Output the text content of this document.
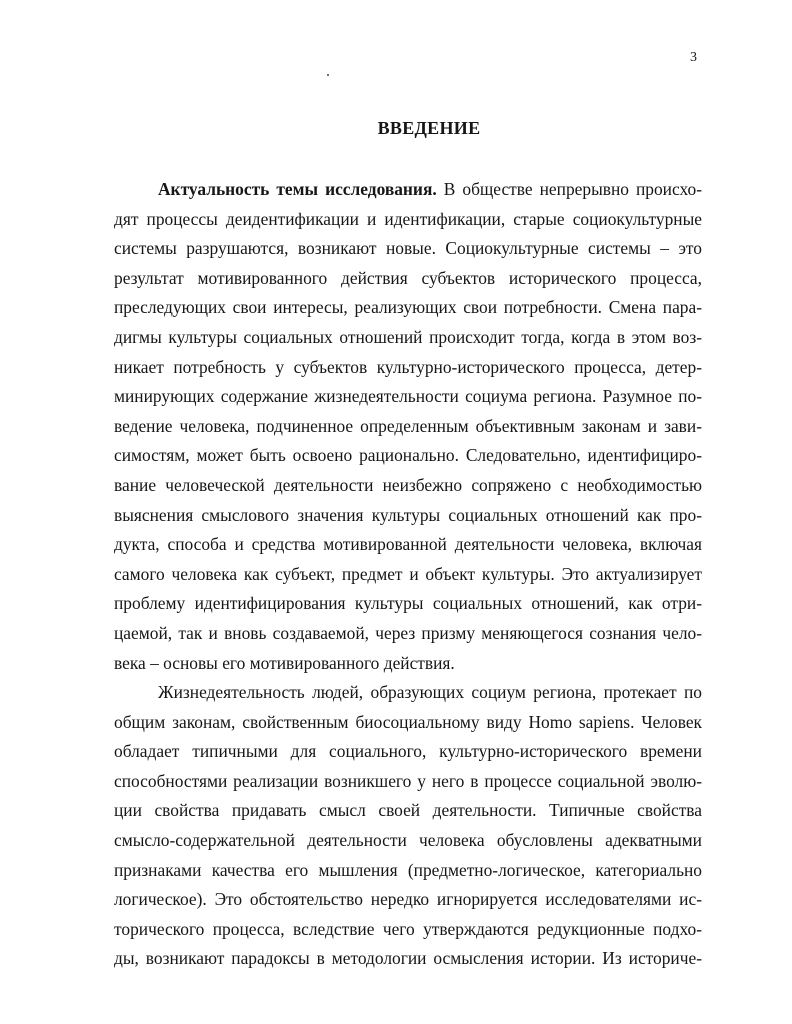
3
ВВЕДЕНИЕ
Актуальность темы исследования. В обществе непрерывно происхо-
дят процессы деидентификации и идентификации, старые социокультурные
системы разрушаются, возникают новые. Социокультурные системы – это
результат мотивированного действия субъектов исторического процесса,
преследующих свои интересы, реализующих свои потребности. Смена пара-
дигмы культуры социальных отношений происходит тогда, когда в этом воз-
никает потребность у субъектов культурно-исторического процесса, детер-
минирующих содержание жизнедеятельности социума региона. Разумное по-
ведение человека, подчиненное определенным объективным законам и зави-
симостям, может быть освоено рационально. Следовательно, идентифициро-
вание человеческой деятельности неизбежно сопряжено с необходимостью
выяснения смыслового значения культуры социальных отношений как про-
дукта, способа и средства мотивированной деятельности человека, включая
самого человека как субъект, предмет и объект культуры. Это актуализирует
проблему идентифицирования культуры социальных отношений, как отри-
цаемой, так и вновь создаваемой, через призму меняющегося сознания чело-
века – основы его мотивированного действия.
Жизнедеятельность людей, образующих социум региона, протекает по
общим законам, свойственным биосоциальному виду Homo sapiens. Человек
обладает типичными для социального, культурно-исторического времени
способностями реализации возникшего у него в процессе социальной эволю-
ции свойства придавать смысл своей деятельности. Типичные свойства
смысло-содержательной деятельности человека обусловлены адекватными
признаками качества его мышления (предметно-логическое, категориально
логическое). Это обстоятельство нередко игнорируется исследователями ис-
торического процесса, вследствие чего утверждаются редукционные подхо-
ды, возникают парадоксы в методологии осмысления истории. Из историче-
